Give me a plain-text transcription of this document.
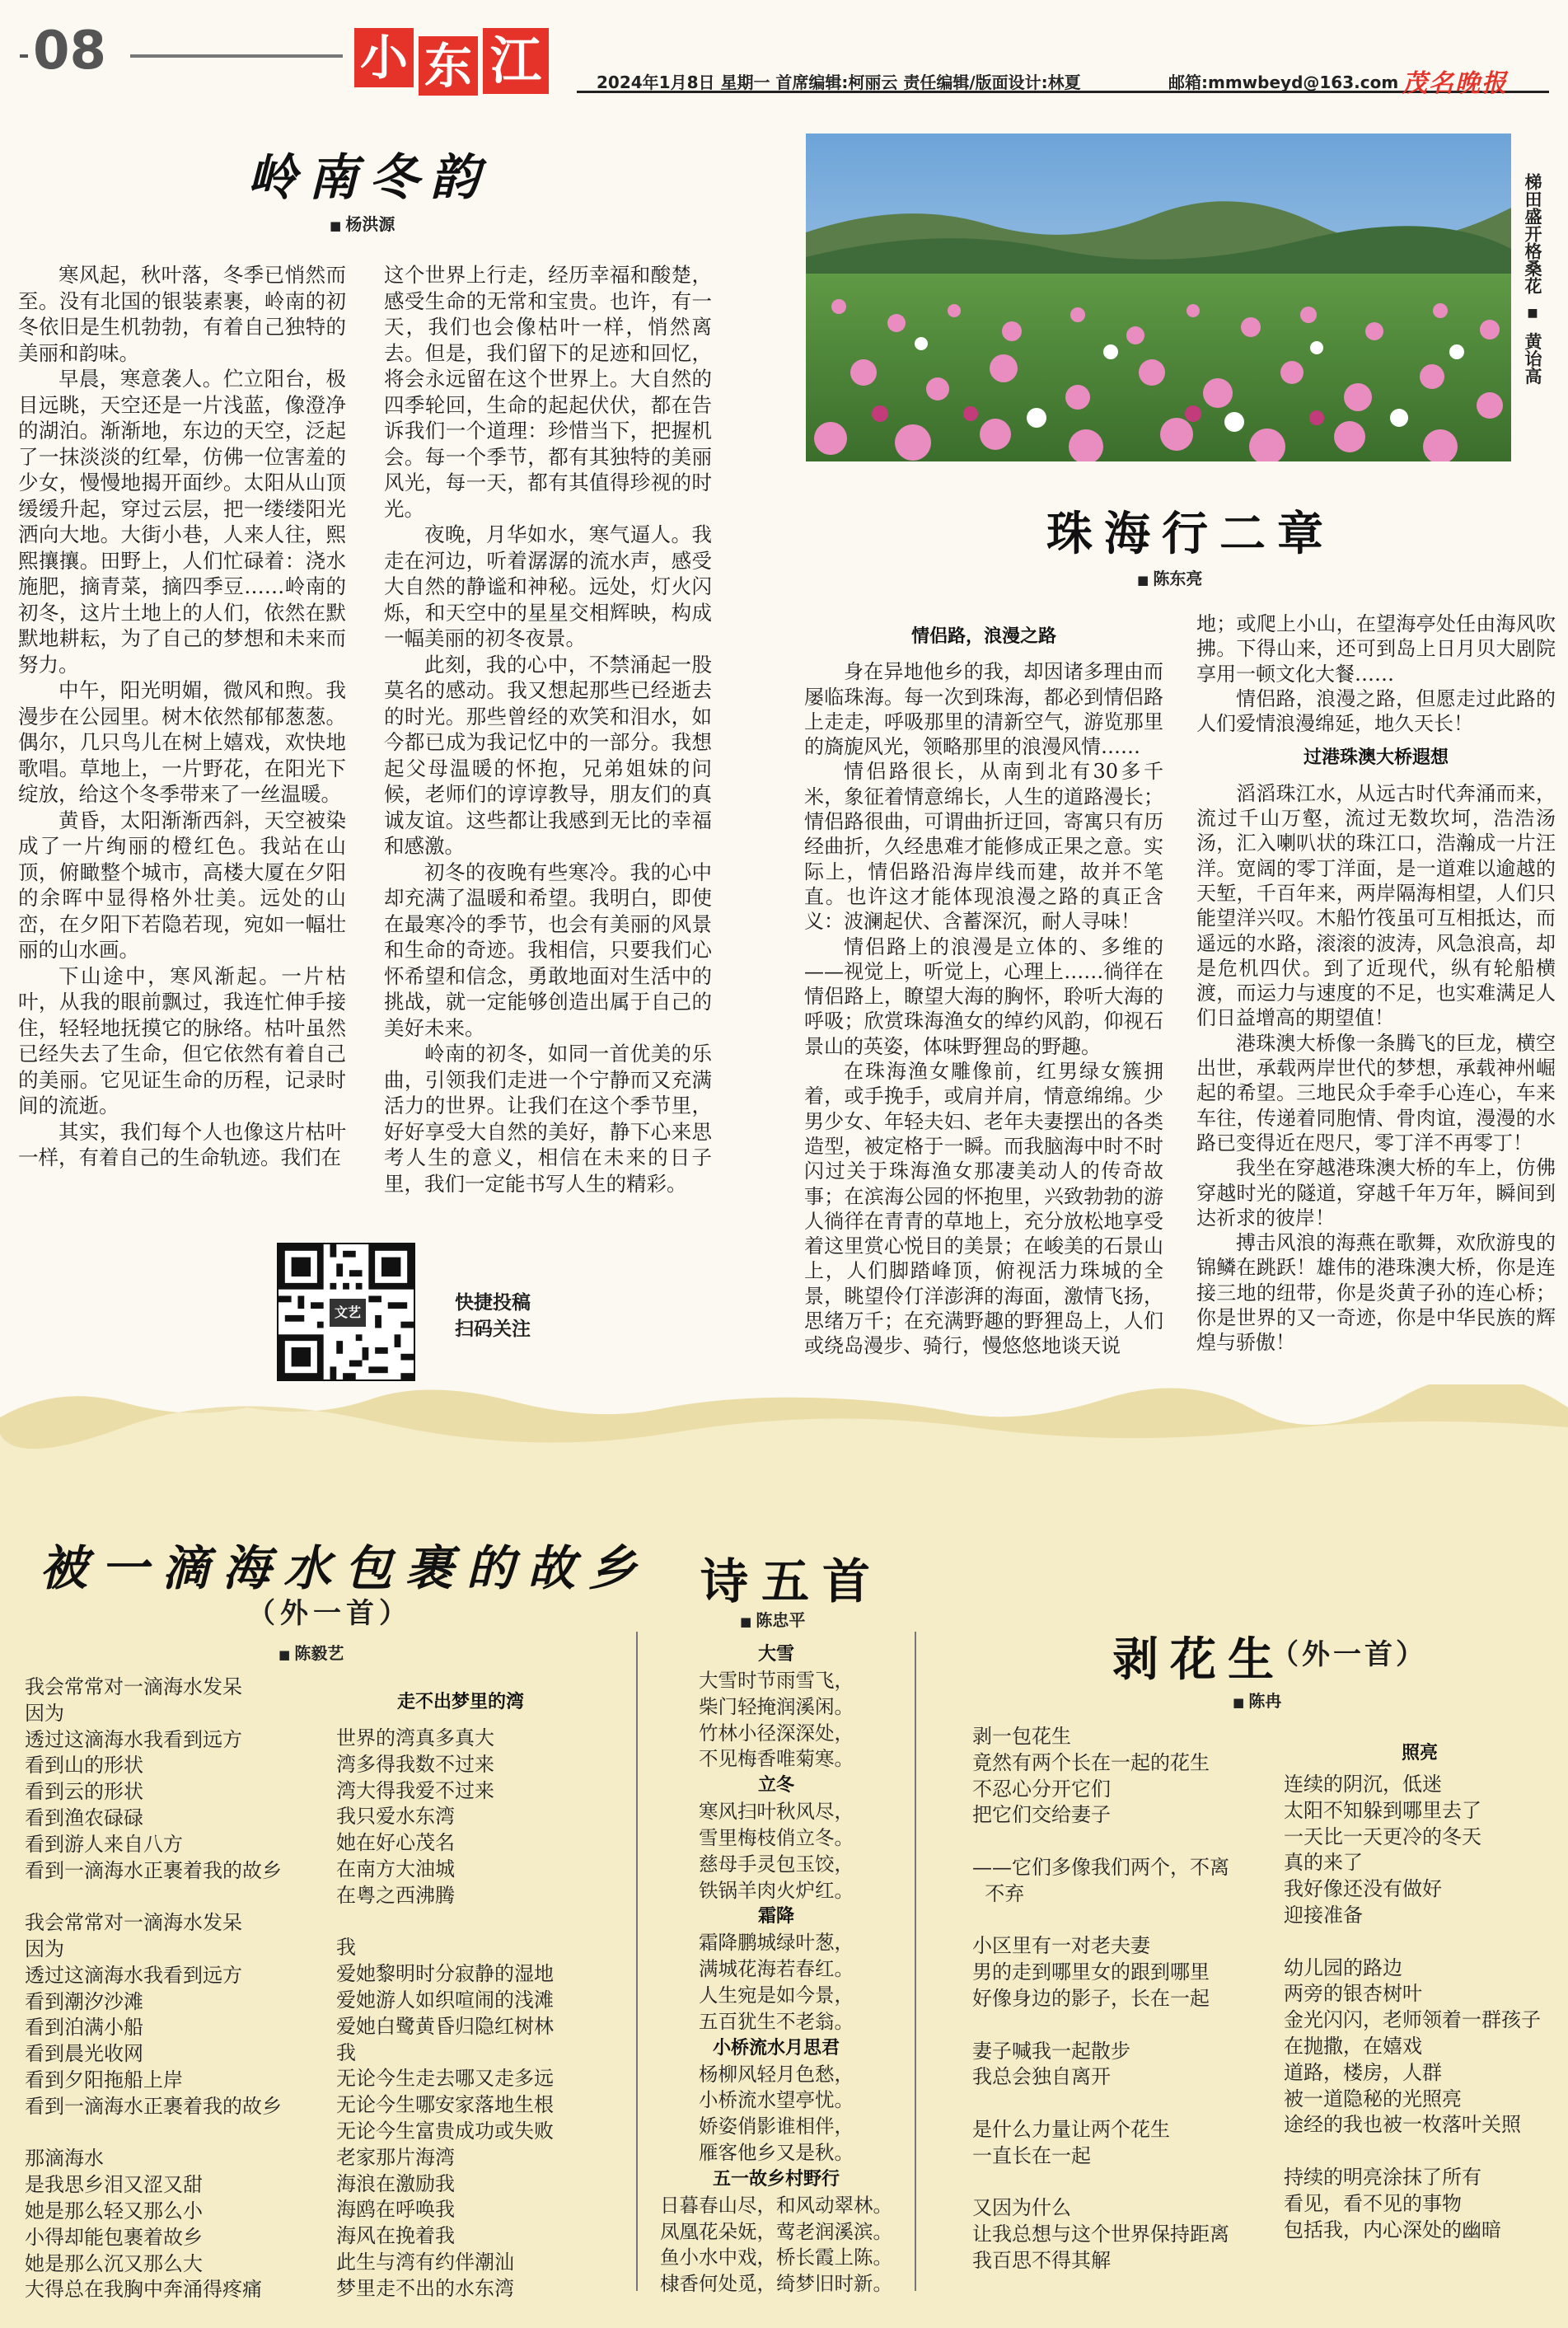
08	小 东 江	2024年1月8日 星期一 首席编辑:柯丽云 责任编辑/版面设计:林夏	邮箱:mmwbeyd@163.com 茂名晚报
岭南冬韵
■ 杨洪源

寒风起，秋叶落，冬季已悄然而至。没有北国的银装素裹，岭南的初冬依旧是生机勃勃，有着自己独特的美丽和韵味。

早晨，寒意袭人。伫立阳台，极目远眺，天空还是一片浅蓝，像澄净的湖泊。渐渐地，东边的天空，泛起了一抹淡淡的红晕，仿佛一位害羞的少女，慢慢地揭开面纱。太阳从山顶缓缓升起，穿过云层，把一缕缕阳光洒向大地。大街小巷，人来人往，熙熙攘攘。田野上，人们忙碌着：浇水施肥，摘青菜，摘四季豆……岭南的初冬，这片土地上的人们，依然在默默地耕耘，为了自己的梦想和未来而努力。

中午，阳光明媚，微风和煦。我漫步在公园里。树木依然郁郁葱葱。偶尔，几只鸟儿在树上嬉戏，欢快地歌唱。草地上，一片野花，在阳光下绽放，给这个冬季带来了一丝温暖。

黄昏，太阳渐渐西斜，天空被染成了一片绚丽的橙红色。我站在山顶，俯瞰整个城市，高楼大厦在夕阳的余晖中显得格外壮美。远处的山峦，在夕阳下若隐若现，宛如一幅壮丽的山水画。

下山途中，寒风渐起。一片枯叶，从我的眼前飘过，我连忙伸手接住，轻轻地抚摸它的脉络。枯叶虽然已经失去了生命，但它依然有着自己的美丽。它见证生命的历程，记录时间的流逝。

其实，我们每个人也像这片枯叶一样，有着自己的生命轨迹。我们在

这个世界上行走，经历幸福和酸楚，感受生命的无常和宝贵。也许，有一天，我们也会像枯叶一样，悄然离去。但是，我们留下的足迹和回忆，将会永远留在这个世界上。大自然的四季轮回，生命的起起伏伏，都在告诉我们一个道理：珍惜当下，把握机会。每一个季节，都有其独特的美丽风光，每一天，都有其值得珍视的时光。

夜晚，月华如水，寒气逼人。我走在河边，听着潺潺的流水声，感受大自然的静谧和神秘。远处，灯火闪烁，和天空中的星星交相辉映，构成一幅美丽的初冬夜景。

此刻，我的心中，不禁涌起一股莫名的感动。我又想起那些已经逝去的时光。那些曾经的欢笑和泪水，如今都已成为我记忆中的一部分。我想起父母温暖的怀抱，兄弟姐妹的问候，老师们的谆谆教导，朋友们的真诚友谊。这些都让我感到无比的幸福和感激。

初冬的夜晚有些寒冷。我的心中却充满了温暖和希望。我明白，即使在最寒冷的季节，也会有美丽的风景和生命的奇迹。我相信，只要我们心怀希望和信念，勇敢地面对生活中的挑战，就一定能够创造出属于自己的美好未来。

岭南的初冬，如同一首优美的乐曲，引领我们走进一个宁静而又充满活力的世界。让我们在这个季节里，好好享受大自然的美好，静下心来思考人生的意义，相信在未来的日子里，我们一定能书写人生的精彩。

文艺	快捷投稿
扫码关注
梯田盛开格桑花 ■ 黄诒高
珠海行二章
■ 陈东亮
情侣路，浪漫之路

身在异地他乡的我，却因诸多理由而屡临珠海。每一次到珠海，都必到情侣路上走走，呼吸那里的清新空气，游览那里的旖旎风光，领略那里的浪漫风情……

情侣路很长，从南到北有30多千米，象征着情意绵长，人生的道路漫长；情侣路很曲，可谓曲折迂回，寄寓只有历经曲折，久经患难才能修成正果之意。实际上，情侣路沿海岸线而建，故并不笔直。也许这才能体现浪漫之路的真正含义：波澜起伏、含蓄深沉，耐人寻味！

情侣路上的浪漫是立体的、多维的——视觉上，听觉上，心理上……徜徉在情侣路上，瞭望大海的胸怀，聆听大海的呼吸；欣赏珠海渔女的绰约风韵，仰视石景山的英姿，体味野狸岛的野趣。

在珠海渔女雕像前，红男绿女簇拥着，或手挽手，或肩并肩，情意绵绵。少男少女、年轻夫妇、老年夫妻摆出的各类造型，被定格于一瞬。而我脑海中时不时闪过关于珠海渔女那凄美动人的传奇故事；在滨海公园的怀抱里，兴致勃勃的游人徜徉在青青的草地上，充分放松地享受着这里赏心悦目的美景；在峻美的石景山上，人们脚踏峰顶，俯视活力珠城的全景，眺望伶仃洋澎湃的海面，激情飞扬，思绪万千；在充满野趣的野狸岛上，人们或绕岛漫步、骑行，慢悠悠地谈天说

地；或爬上小山，在望海亭处任由海风吹拂。下得山来，还可到岛上日月贝大剧院享用一顿文化大餐……

情侣路，浪漫之路，但愿走过此路的人们爱情浪漫绵延，地久天长！

过港珠澳大桥遐想

滔滔珠江水，从远古时代奔涌而来，流过千山万壑，流过无数坎坷，浩浩汤汤，汇入喇叭状的珠江口，浩瀚成一片汪洋。宽阔的零丁洋面，是一道难以逾越的天堑，千百年来，两岸隔海相望，人们只能望洋兴叹。木船竹筏虽可互相抵达，而遥远的水路，滚滚的波涛，风急浪高，却是危机四伏。到了近现代，纵有轮船横渡，而运力与速度的不足，也实难满足人们日益增高的期望值！

港珠澳大桥像一条腾飞的巨龙，横空出世，承载两岸世代的梦想，承载神州崛起的希望。三地民众手牵手心连心，车来车往，传递着同胞情、骨肉谊，漫漫的水路已变得近在咫尺，零丁洋不再零丁！

我坐在穿越港珠澳大桥的车上，仿佛穿越时光的隧道，穿越千年万年，瞬间到达祈求的彼岸！

搏击风浪的海燕在歌舞，欢欣游曳的锦鳞在跳跃！雄伟的港珠澳大桥，你是连接三地的纽带，你是炎黄子孙的连心桥；你是世界的又一奇迹，你是中华民族的辉煌与骄傲！

被一滴海水包裹的故乡
（外一首）
■ 陈毅艺
我会常常对一滴海水发呆
因为
透过这滴海水我看到远方
看到山的形状
看到云的形状
看到渔农碌碌
看到游人来自八方
看到一滴海水正裹着我的故乡
我会常常对一滴海水发呆
因为
透过这滴海水我看到远方
看到潮汐沙滩
看到泊满小船
看到晨光收网
看到夕阳拖船上岸
看到一滴海水正裹着我的故乡
那滴海水
是我思乡泪又涩又甜
她是那么轻又那么小
小得却能包裹着故乡
她是那么沉又那么大
大得总在我胸中奔涌得疼痛
走不出梦里的湾
世界的湾真多真大
湾多得我数不过来
湾大得我爱不过来
我只爱水东湾
她在好心茂名
在南方大油城
在粤之西沸腾
我
爱她黎明时分寂静的湿地
爱她游人如织喧闹的浅滩
爱她白鹭黄昏归隐红树林
我
无论今生走去哪又走多远
无论今生哪安家落地生根
无论今生富贵成功或失败
老家那片海湾
海浪在激励我
海鸥在呼唤我
海风在挽着我
此生与湾有约伴潮汕
梦里走不出的水东湾
诗五首
■ 陈忠平
大雪
大雪时节雨雪飞，
柴门轻掩润溪闲。
竹林小径深深处，
不见梅香唯菊寒。
立冬
寒风扫叶秋风尽，
雪里梅枝俏立冬。
慈母手灵包玉饺，
铁锅羊肉火炉红。
霜降
霜降鹏城绿叶葱，
满城花海若春红。
人生宛是如今景，
五百犹生不老翁。
小桥流水月思君
杨柳风轻月色愁，
小桥流水望亭忧。
娇姿俏影谁相伴，
雁客他乡又是秋。
五一故乡村野行
日暮春山尽，和风动翠林。
凤凰花朵妩，莺老润溪滨。
鱼小水中戏，桥长霞上陈。
棣香何处觅，绮梦旧时新。
剥花生
（外一首）
■ 陈冉
剥一包花生
竟然有两个长在一起的花生
不忍心分开它们
把它们交给妻子
——它们多像我们两个，不离
不弃
小区里有一对老夫妻
男的走到哪里女的跟到哪里
好像身边的影子，长在一起
妻子喊我一起散步
我总会独自离开
是什么力量让两个花生
一直长在一起
又因为什么
让我总想与这个世界保持距离
我百思不得其解
照亮
连续的阴沉，低迷
太阳不知躲到哪里去了
一天比一天更冷的冬天
真的来了
我好像还没有做好
迎接准备
幼儿园的路边
两旁的银杏树叶
金光闪闪，老师领着一群孩子
在抛撒，在嬉戏
道路，楼房，人群
被一道隐秘的光照亮
途经的我也被一枚落叶关照
持续的明亮涂抹了所有
看见，看不见的事物
包括我，内心深处的幽暗
